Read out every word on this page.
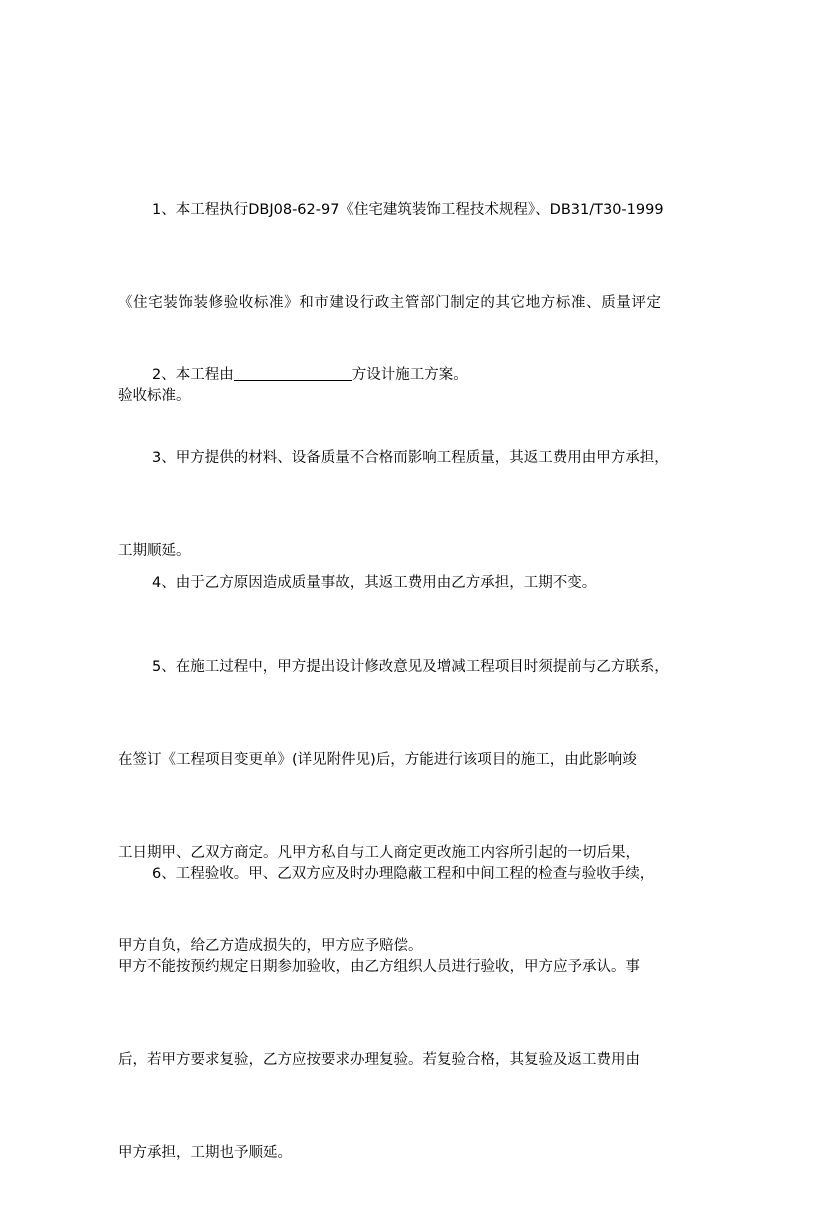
1、本工程执行DBJ08-62-97《住宅建筑装饰工程技术规程》、DB31/T30-1999

《住宅装饰装修验收标准》和市建设行政主管部门制定的其它地方标准、质量评定

验收标准。

2、本工程由	方设计施工方案。

3、甲方提供的材料、设备质量不合格而影响工程质量，其返工费用由甲方承担，

工期顺延。

4、由于乙方原因造成质量事故，其返工费用由乙方承担，工期不变。

5、在施工过程中，甲方提出设计修改意见及增减工程项目时须提前与乙方联系，

在签订《工程项目变更单》(详见附件见)后，方能进行该项目的施工，由此影响竣

工日期甲、乙双方商定。凡甲方私自与工人商定更改施工内容所引起的一切后果，

甲方自负，给乙方造成损失的，甲方应予赔偿。

6、工程验收。甲、乙双方应及时办理隐蔽工程和中间工程的检查与验收手续，

甲方不能按预约规定日期参加验收，由乙方组织人员进行验收，甲方应予承认。事

后，若甲方要求复验，乙方应按要求办理复验。若复验合格，其复验及返工费用由

甲方承担，工期也予顺延。
